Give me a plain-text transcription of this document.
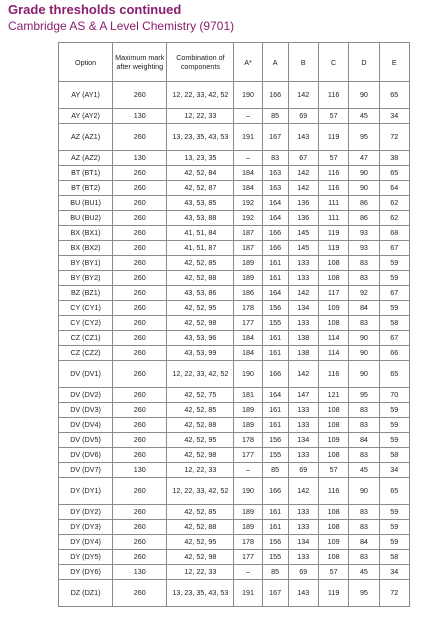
Grade thresholds continued
Cambridge AS & A Level Chemistry (9701)
Option	Maximum mark after weighting	Combination of components	A*	A	B	C	D	E
AY (AY1)	260	12, 22, 33, 42, 52	190	166	142	116	90	65
AY (AY2)	130	12, 22, 33	–	85	69	57	45	34
AZ (AZ1)	260	13, 23, 35, 43, 53	191	167	143	119	95	72
AZ (AZ2)	130	13, 23, 35	–	83	67	57	47	38
BT (BT1)	260	42, 52, 84	184	163	142	116	90	65
BT (BT2)	260	42, 52, 87	184	163	142	116	90	64
BU (BU1)	260	43, 53, 85	192	164	136	111	86	62
BU (BU2)	260	43, 53, 88	192	164	136	111	86	62
BX (BX1)	260	41, 51, 84	187	166	145	119	93	68
BX (BX2)	260	41, 51, 87	187	166	145	119	93	67
BY (BY1)	260	42, 52, 85	189	161	133	108	83	59
BY (BY2)	260	42, 52, 88	189	161	133	108	83	59
BZ (BZ1)	260	43, 53, 86	186	164	142	117	92	67
CY (CY1)	260	42, 52, 95	178	156	134	109	84	59
CY (CY2)	260	42, 52, 98	177	155	133	108	83	58
CZ (CZ1)	260	43, 53, 96	184	161	138	114	90	67
CZ (CZ2)	260	43, 53, 99	184	161	138	114	90	66
DV (DV1)	260	12, 22, 33, 42, 52	190	166	142	116	90	65
DV (DV2)	260	42, 52, 75	181	164	147	121	95	70
DV (DV3)	260	42, 52, 85	189	161	133	108	83	59
DV (DV4)	260	42, 52, 88	189	161	133	108	83	59
DV (DV5)	260	42, 52, 95	178	156	134	109	84	59
DV (DV6)	260	42, 52, 98	177	155	133	108	83	58
DV (DV7)	130	12, 22, 33	–	85	69	57	45	34
DY (DY1)	260	12, 22, 33, 42, 52	190	166	142	116	90	65
DY (DY2)	260	42, 52, 85	189	161	133	108	83	59
DY (DY3)	260	42, 52, 88	189	161	133	108	83	59
DY (DY4)	260	42, 52, 95	178	156	134	109	84	59
DY (DY5)	260	42, 52, 98	177	155	133	108	83	58
DY (DY6)	130	12, 22, 33	–	85	69	57	45	34
DZ (DZ1)	260	13, 23, 35, 43, 53	191	167	143	119	95	72
